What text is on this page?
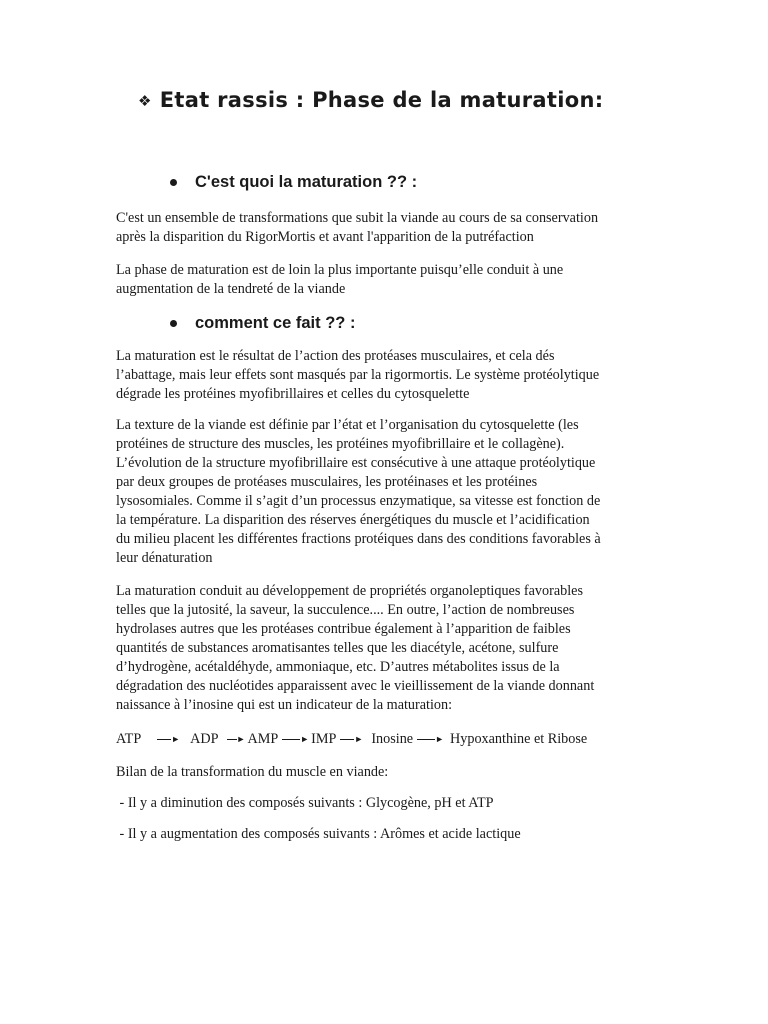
❖ Etat rassis : Phase de la maturation:
C'est quoi la maturation ?? :

C'est un ensemble de transformations que subit la viande au cours de sa conservation
après la disparition du RigorMortis et avant l'apparition de la putréfaction

La phase de maturation est de loin la plus importante puisqu’elle conduit à une
augmentation de la tendreté de la viande

comment ce fait ?? :

La maturation est le résultat de l’action des protéases musculaires, et cela dés
l’abattage, mais leur effets sont masqués par la rigormortis. Le système protéolytique
dégrade les protéines myofibrillaires et celles du cytosquelette

La texture de la viande est définie par l’état et l’organisation du cytosquelette (les
protéines de structure des muscles, les protéines myofibrillaire et le collagène).
L’évolution de la structure myofibrillaire est consécutive à une attaque protéolytique
par deux groupes de protéases musculaires, les protéinases et les protéines
lysosomiales. Comme il s’agit d’un processus enzymatique, sa vitesse est fonction de
la température. La disparition des réserves énergétiques du muscle et l’acidification
du milieu placent les différentes fractions protéiques dans des conditions favorables à
leur dénaturation

La maturation conduit au développement de propriétés organoleptiques favorables
telles que la jutosité, la saveur, la succulence.... En outre, l’action de nombreuses
hydrolases autres que les protéases contribue également à l’apparition de faibles
quantités de substances aromatisantes telles que les diacétyle, acétone, sulfure
d’hydrogène, acétaldéhyde, ammoniaque, etc. D’autres métabolites issus de la
dégradation des nucléotides apparaissent avec le vieillissement de la viande donnant
naissance à l’inosine qui est un indicateur de la maturation:

ATP	► ADP ► AMP ► IMP ► Inosine ► Hypoxanthine et Ribose

Bilan de la transformation du muscle en viande:

- Il y a diminution des composés suivants : Glycogène, pH et ATP

- Il y a augmentation des composés suivants : Arômes et acide lactique
